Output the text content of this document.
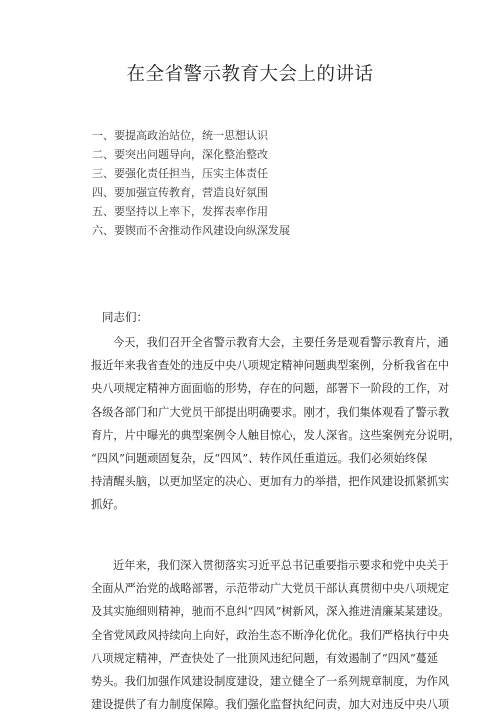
在全省警示教育大会上的讲话
一、要提高政治站位，统一思想认识
二、要突出问题导向，深化整治整改
三、要强化责任担当，压实主体责任
四、要加强宣传教育，营造良好氛围
五、要坚持以上率下，发挥表率作用
六、要锲而不舍推动作风建设向纵深发展
同志们：
今天，我们召开全省警示教育大会，主要任务是观看警示教育片，通
报近年来我省查处的违反中央八项规定精神问题典型案例，分析我省在中
央八项规定精神方面面临的形势，存在的问题，部署下一阶段的工作，对
各级各部门和广大党员干部提出明确要求。刚才，我们集体观看了警示教
育片，片中曝光的典型案例令人触目惊心，发人深省。这些案例充分说明，
“四风”问题顽固复杂，反“四风”、转作风任重道远。我们必须始终保
持清醒头脑，以更加坚定的决心、更加有力的举措，把作风建设抓紧抓实
抓好。
近年来，我们深入贯彻落实习近平总书记重要指示要求和党中央关于
全面从严治党的战略部署，示范带动广大党员干部认真贯彻中央八项规定
及其实施细则精神，驰而不息纠“四风”树新风，深入推进清廉某某建设。
全省党风政风持续向上向好，政治生态不断净化优化。我们严格执行中央
八项规定精神，严查快处了一批顶风违纪问题，有效遏制了“四风”蔓延
势头。我们加强作风建设制度建设，建立健全了一系列规章制度，为作风
建设提供了有力制度保障。我们强化监督执纪问责，加大对违反中央八项
